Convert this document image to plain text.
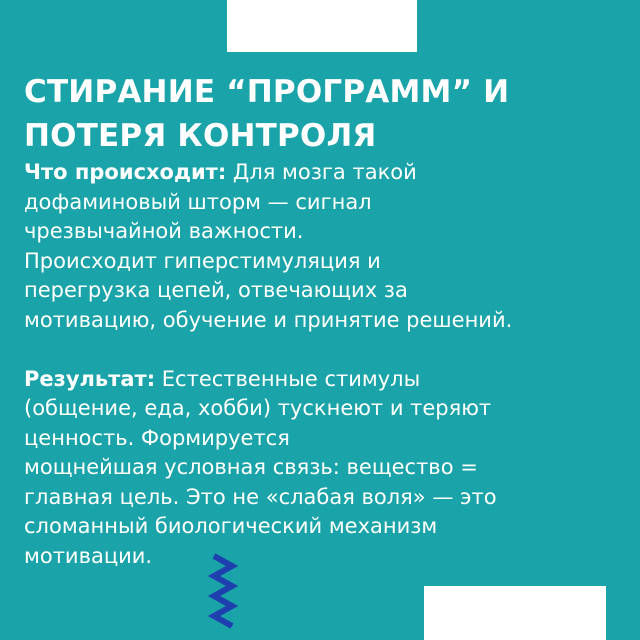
СТИРАНИЕ “ПРОГРАММ” И
ПОТЕРЯ КОНТРОЛЯ

Что происходит: Для мозга такой
дофаминовый шторм — сигнал
чрезвычайной важности.
Происходит гиперстимуляция и
перегрузка цепей, отвечающих за
мотивацию, обучение и принятие решений.

Результат: Естественные стимулы
(общение, еда, хобби) тускнеют и теряют
ценность. Формируется
мощнейшая условная связь: вещество =
главная цель. Это не «слабая воля» — это
сломанный биологический механизм
мотивации.
